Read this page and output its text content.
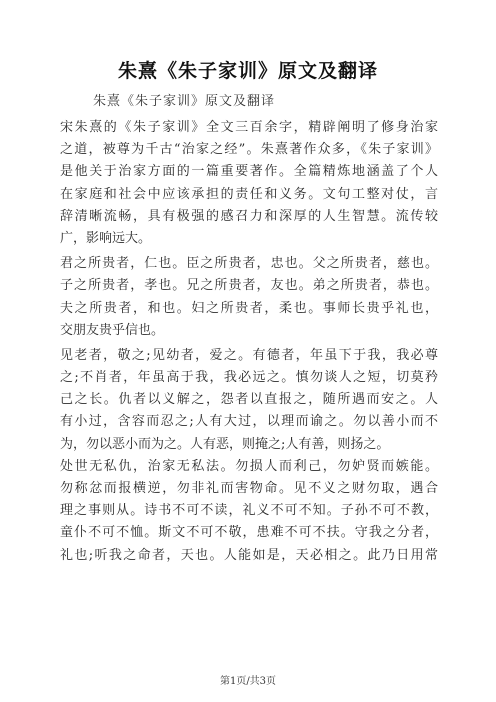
朱熹《朱子家训》原文及翻译
朱熹《朱子家训》原文及翻译
宋朱熹的《朱子家训》全文三百余字，精辟阐明了修身治家
之道，被尊为千古“治家之经”。朱熹著作众多，《朱子家训》
是他关于治家方面的一篇重要著作。全篇精炼地涵盖了个人
在家庭和社会中应该承担的责任和义务。文句工整对仗，言
辞清晰流畅，具有极强的感召力和深厚的人生智慧。流传较
广，影响远大。
君之所贵者，仁也。臣之所贵者，忠也。父之所贵者，慈也。
子之所贵者，孝也。兄之所贵者，友也。弟之所贵者，恭也。
夫之所贵者，和也。妇之所贵者，柔也。事师长贵乎礼也，
交朋友贵乎信也。
见老者，敬之;见幼者，爱之。有德者，年虽下于我，我必尊
之;不肖者，年虽高于我，我必远之。慎勿谈人之短，切莫矜
己之长。仇者以义解之，怨者以直报之，随所遇而安之。人
有小过，含容而忍之;人有大过，以理而谕之。勿以善小而不
为，勿以恶小而为之。人有恶，则掩之;人有善，则扬之。
处世无私仇，治家无私法。勿损人而利己，勿妒贤而嫉能。
勿称忿而报横逆，勿非礼而害物命。见不义之财勿取，遇合
理之事则从。诗书不可不读，礼义不可不知。子孙不可不教，
童仆不可不恤。斯文不可不敬，患难不可不扶。守我之分者，
礼也;听我之命者，天也。人能如是，天必相之。此乃日用常
第1页/共3页
